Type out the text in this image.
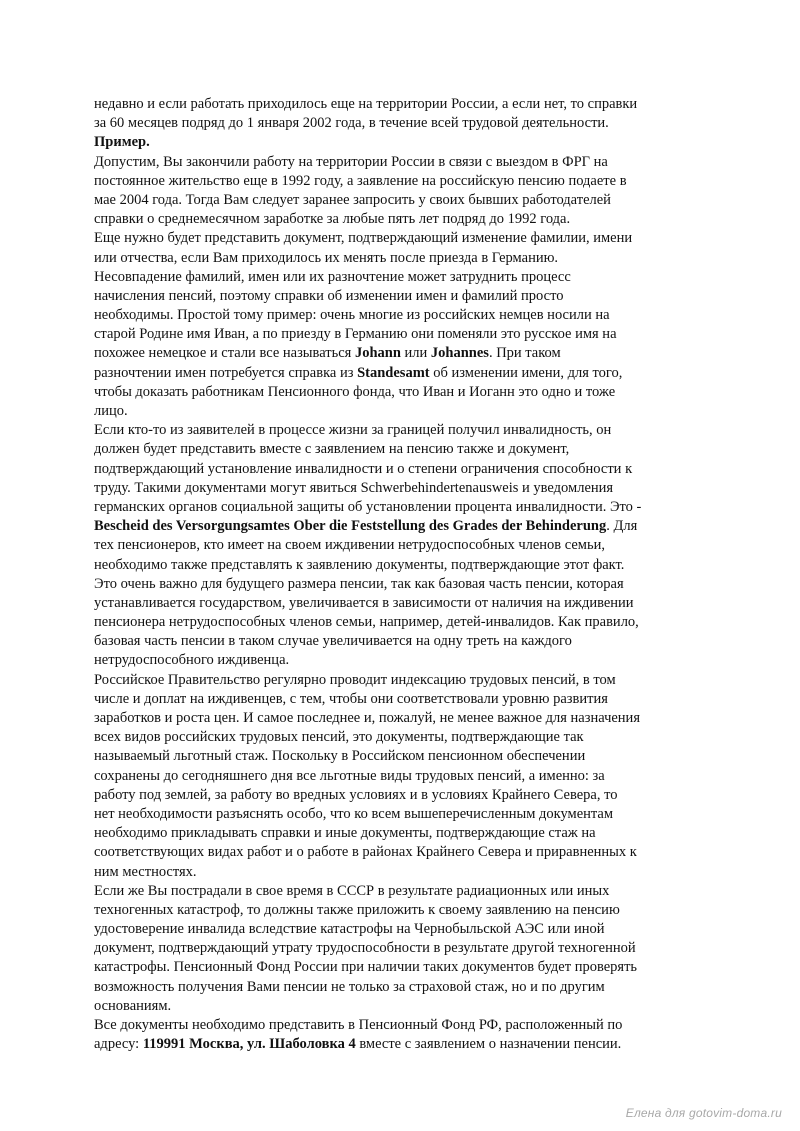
недавно и если работать приходилось еще на территории России, а если нет, то справки
за 60 месяцев подряд до 1 января 2002 года, в течение всей трудовой деятельности.
Пример.
Допустим, Вы закончили работу на территории России в связи с выездом в ФРГ на
постоянное жительство еще в 1992 году, а заявление на российскую пенсию подаете в
мае 2004 года. Тогда Вам следует заранее запросить у своих бывших работодателей
справки о среднемесячном заработке за любые пять лет подряд до 1992 года.
Еще нужно будет представить документ, подтверждающий изменение фамилии, имени
или отчества, если Вам приходилось их менять после приезда в Германию.
Несовпадение фамилий, имен или их разночтение может затруднить процесс
начисления пенсий, поэтому справки об изменении имен и фамилий просто
необходимы. Простой тому пример: очень многие из российских немцев носили на
старой Родине имя Иван, а по приезду в Германию они поменяли это русское имя на
похожее немецкое и стали все называться Johann или Johannes. При таком
разночтении имен потребуется справка из Standesamt об изменении имени, для того,
чтобы доказать работникам Пенсионного фонда, что Иван и Иоганн это одно и тоже
лицо.
Если кто-то из заявителей в процессе жизни за границей получил инвалидность, он
должен будет представить вместе с заявлением на пенсию также и документ,
подтверждающий установление инвалидности и о степени ограничения способности к
труду. Такими документами могут явиться Schwerbehindertenausweis и уведомления
германских органов социальной защиты об установлении процента инвалидности. Это -
Bescheid des Versorgungsamtes Ober die Feststellung des Grades der Behinderung. Для
тех пенсионеров, кто имеет на своем иждивении нетрудоспособных членов семьи,
необходимо также представлять к заявлению документы, подтверждающие этот факт.
Это очень важно для будущего размера пенсии, так как базовая часть пенсии, которая
устанавливается государством, увеличивается в зависимости от наличия на иждивении
пенсионера нетрудоспособных членов семьи, например, детей-инвалидов. Как правило,
базовая часть пенсии в таком случае увеличивается на одну треть на каждого
нетрудоспособного иждивенца.
Российское Правительство регулярно проводит индексацию трудовых пенсий, в том
числе и доплат на иждивенцев, с тем, чтобы они соответствовали уровню развития
заработков и роста цен. И самое последнее и, пожалуй, не менее важное для назначения
всех видов российских трудовых пенсий, это документы, подтверждающие так
называемый льготный стаж. Поскольку в Российском пенсионном обеспечении
сохранены до сегодняшнего дня все льготные виды трудовых пенсий, а именно: за
работу под землей, за работу во вредных условиях и в условиях Крайнего Севера, то
нет необходимости разъяснять особо, что ко всем вышеперечисленным документам
необходимо прикладывать справки и иные документы, подтверждающие стаж на
соответствующих видах работ и о работе в районах Крайнего Севера и приравненных к
ним местностях.
Если же Вы пострадали в свое время в СССР в результате радиационных или иных
техногенных катастроф, то должны также приложить к своему заявлению на пенсию
удостоверение инвалида вследствие катастрофы на Чернобыльской АЭС или иной
документ, подтверждающий утрату трудоспособности в результате другой техногенной
катастрофы. Пенсионный Фонд России при наличии таких документов будет проверять
возможность получения Вами пенсии не только за страховой стаж, но и по другим
основаниям.
Все документы необходимо представить в Пенсионный Фонд РФ, расположенный по
адресу: 119991 Москва, ул. Шаболовка 4 вместе с заявлением о назначении пенсии.
Елена для gotovim-doma.ru
